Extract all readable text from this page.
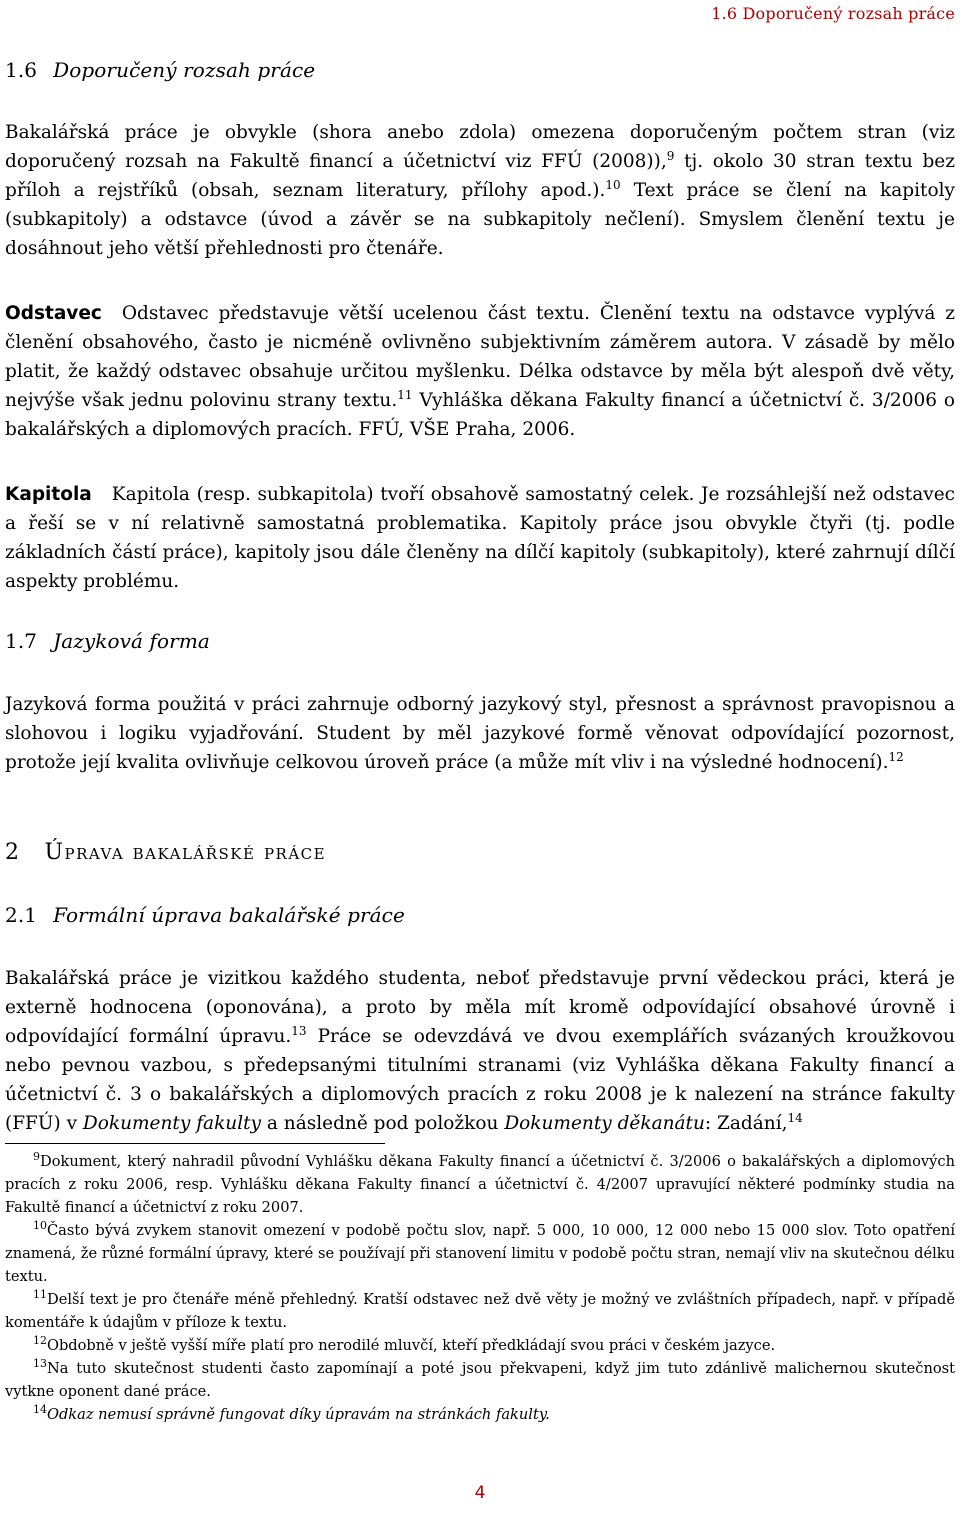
1.6 Doporučený rozsah práce
1.6 Doporučený rozsah práce

Bakalářská práce je obvykle (shora anebo zdola) omezena doporučeným počtem stran (viz doporučený rozsah na Fakultě financí a účetnictví viz FFÚ (2008)),$^9$ tj. okolo 30 stran textu bez příloh a rejstříků (obsah, seznam literatury, přílohy apod.).$^{10}$ Text práce se člení na kapitoly (subkapitoly) a odstavce (úvod a závěr se na subkapitoly nečlení). Smyslem členění textu je dosáhnout jeho větší přehlednosti pro čtenáře.

Odstavec Odstavec představuje větší ucelenou část textu. Členění textu na odstavce vyplývá z členění obsahového, často je nicméně ovlivněno subjektivním záměrem autora. V zásadě by mělo platit, že každý odstavec obsahuje určitou myšlenku. Délka odstavce by měla být alespoň dvě věty, nejvýše však jednu polovinu strany textu.$^{11}$ Vyhláška děkana Fakulty financí a účetnictví č. 3/2006 o bakalářských a diplomových pracích. FFÚ, VŠE Praha, 2006.

Kapitola Kapitola (resp. subkapitola) tvoří obsahově samostatný celek. Je rozsáhlejší než odstavec a řeší se v ní relativně samostatná problematika. Kapitoly práce jsou obvykle čtyři (tj. podle základních částí práce), kapitoly jsou dále členěny na dílčí kapitoly (subkapitoly), které zahrnují dílčí aspekty problému.

1.7 Jazyková forma

Jazyková forma použitá v práci zahrnuje odborný jazykový styl, přesnost a správnost pravopisnou a slohovou i logiku vyjadřování. Student by měl jazykové formě věnovat odpovídající pozornost, protože její kvalita ovlivňuje celkovou úroveň práce (a může mít vliv i na výsledné hodnocení).$^{12}$

2 Úprava bakalářské práce
2.1 Formální úprava bakalářské práce

Bakalářská práce je vizitkou každého studenta, neboť představuje první vědeckou práci, která je externě hodnocena (oponována), a proto by měla mít kromě odpovídající obsahové úrovně i odpovídající formální úpravu.$^{13}$ Práce se odevzdává ve dvou exemplářích svázaných kroužkovou nebo pevnou vazbou, s předepsanými titulními stranami (viz Vyhláška děkana Fakulty financí a účetnictví č. 3 o bakalářských a diplomových pracích z roku 2008 je k nalezení na stránce fakulty (FFÚ) v Dokumenty fakulty a následně pod položkou Dokumenty děkanátu: Zadání,$^{14}$

$^9$Dokument, který nahradil původní Vyhlášku děkana Fakulty financí a účetnictví č. 3/2006 o bakalářských a diplomových pracích z roku 2006, resp. Vyhlášku děkana Fakulty financí a účetnictví č. 4/2007 upravující některé podmínky studia na Fakultě financí a účetnictví z roku 2007.

$^{10}$Často bývá zvykem stanovit omezení v podobě počtu slov, např. 5 000, 10 000, 12 000 nebo 15 000 slov. Toto opatření znamená, že různé formální úpravy, které se používají při stanovení limitu v podobě počtu stran, nemají vliv na skutečnou délku textu.

$^{11}$Delší text je pro čtenáře méně přehledný. Kratší odstavec než dvě věty je možný ve zvláštních případech, např. v případě komentáře k údajům v příloze k textu.

$^{12}$Obdobně v ještě vyšší míře platí pro nerodilé mluvčí, kteří předkládají svou práci v českém jazyce.

$^{13}$Na tuto skutečnost studenti často zapomínají a poté jsou překvapeni, když jim tuto zdánlivě malichernou skutečnost vytkne oponent dané práce.

$^{14}$Odkaz nemusí správně fungovat díky úpravám na stránkách fakulty.

4
